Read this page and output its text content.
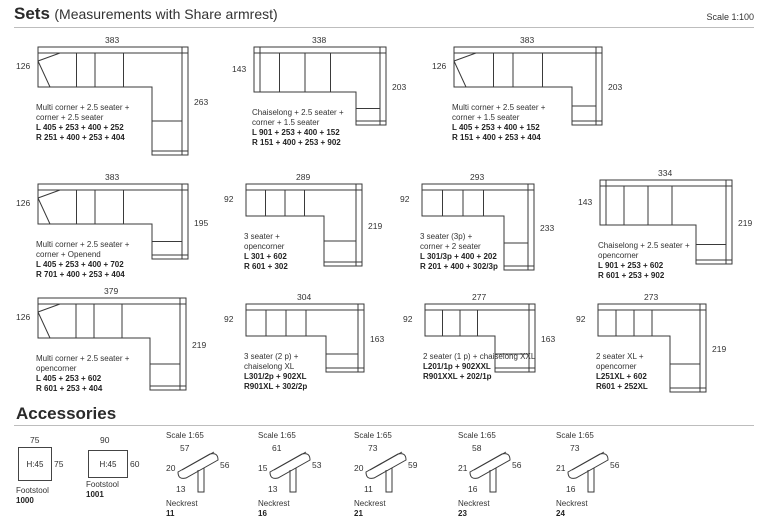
Sets (Measurements with Share armrest)	Scale 1:100
383
126
263
Multi corner + 2.5 seater +
corner + 2.5 seater
L 405 + 253 + 400 + 252
R 251 + 400 + 253 + 404
338
143
203
Chaiselong + 2.5 seater +
corner + 1.5 seater
L 901 + 253 + 400 + 152
R 151 + 400 + 253 + 902
383
126
203
Multi corner + 2.5 seater +
corner + 1.5 seater
L 405 + 253 + 400 + 152
R 151 + 400 + 253 + 404
383
126
195
Multi corner + 2.5 seater +
corner + Openend
L 405 + 253 + 400 + 702
R 701 + 400 + 253 + 404
289
92
219
3 seater +
opencorner
L 301 + 602
R 601 + 302
293
92
233
3 seater (3p) +
corner + 2 seater
L 301/3p + 400 + 202
R 201 + 400 + 302/3p
334
143
219
Chaiselong + 2.5 seater +
opencorner
L 901 + 253 + 602
R 601 + 253 + 902
379
126
219
Multi corner + 2.5 seater +
opencorner
L 405 + 253 + 602
R 601 + 253 + 404
304
92
163
3 seater (2 p) +
chaiselong XL
L301/2p + 902XL
R901XL + 302/2p
277
92
163
2 seater (1 p) + chaiselong XXL
L201/1p + 902XXL
R901XXL + 202/1p
273
92
219
2 seater XL +
opencorner
L251XL + 602
R601 + 252XL
Accessories
75
H:45 75
Footstool
1000
90
H:45 60
Footstool
1001
Scale 1:65
57
20	56
13
Neckrest
11
Scale 1:65
61
15	53
13
Neckrest
16
Scale 1:65
73
20	59
11
Neckrest
21
Scale 1:65
58
21	56
16
Neckrest
23
Scale 1:65
73
21	56
16
Neckrest
24
